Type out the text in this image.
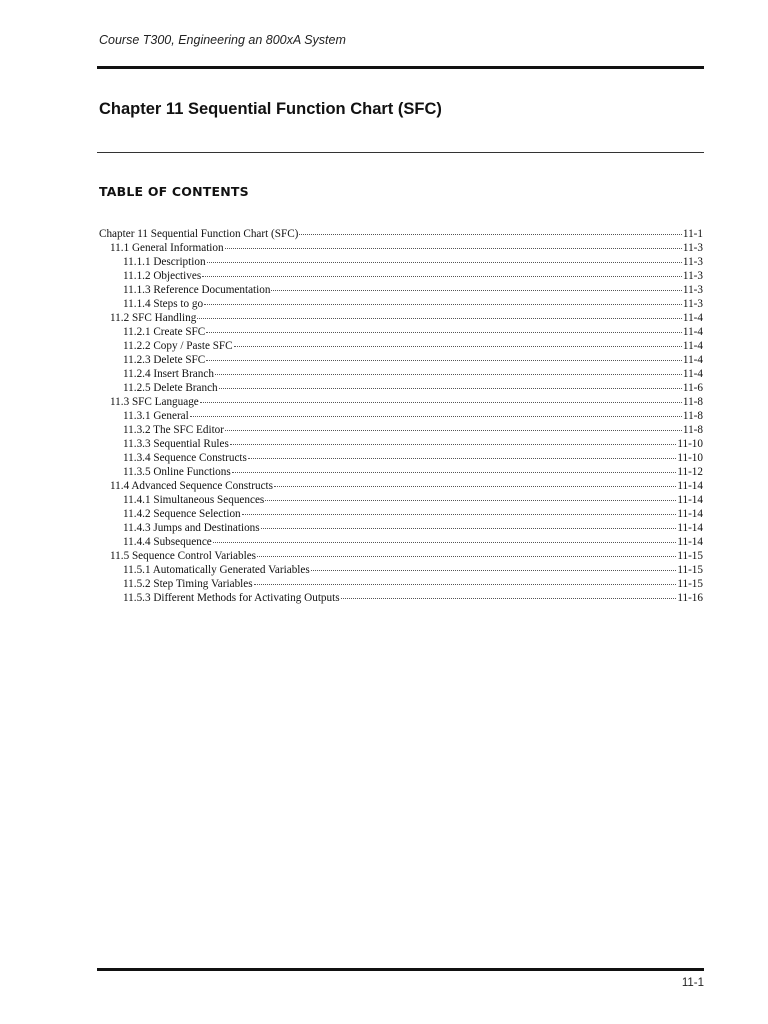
Course T300, Engineering an 800xA System
Chapter 11 Sequential Function Chart (SFC)
TABLE OF CONTENTS
Chapter 11 Sequential Function Chart (SFC)	11-1
11.1 General Information	11-3
11.1.1 Description	11-3
11.1.2 Objectives	11-3
11.1.3 Reference Documentation	11-3
11.1.4 Steps to go	11-3
11.2 SFC Handling	11-4
11.2.1 Create SFC	11-4
11.2.2 Copy / Paste SFC	11-4
11.2.3 Delete SFC	11-4
11.2.4 Insert Branch	11-4
11.2.5 Delete Branch	11-6
11.3 SFC Language	11-8
11.3.1 General	11-8
11.3.2 The SFC Editor	11-8
11.3.3 Sequential Rules	11-10
11.3.4 Sequence Constructs	11-10
11.3.5 Online Functions	11-12
11.4 Advanced Sequence Constructs	11-14
11.4.1 Simultaneous Sequences	11-14
11.4.2 Sequence Selection	11-14
11.4.3 Jumps and Destinations	11-14
11.4.4 Subsequence	11-14
11.5 Sequence Control Variables	11-15
11.5.1 Automatically Generated Variables	11-15
11.5.2 Step Timing Variables	11-15
11.5.3 Different Methods for Activating Outputs	11-16
11-1
